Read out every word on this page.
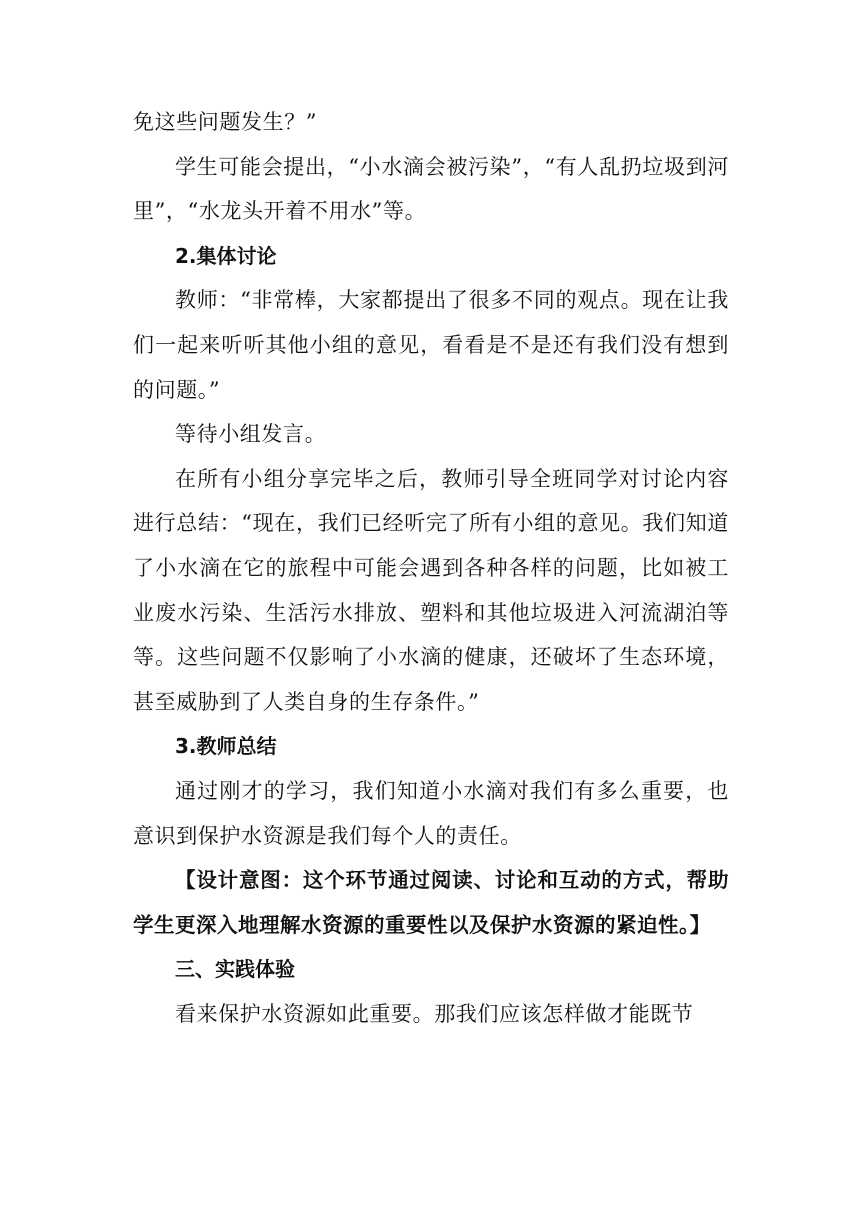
免这些问题发生？”

学生可能会提出，“小水滴会被污染”，“有人乱扔垃圾到河里”，“水龙头开着不用水”等。

2.集体讨论

教师：“非常棒，大家都提出了很多不同的观点。现在让我们一起来听听其他小组的意见，看看是不是还有我们没有想到的问题。”

等待小组发言。

在所有小组分享完毕之后，教师引导全班同学对讨论内容进行总结：“现在，我们已经听完了所有小组的意见。我们知道了小水滴在它的旅程中可能会遇到各种各样的问题，比如被工业废水污染、生活污水排放、塑料和其他垃圾进入河流湖泊等等。这些问题不仅影响了小水滴的健康，还破坏了生态环境，甚至威胁到了人类自身的生存条件。”

3.教师总结

通过刚才的学习，我们知道小水滴对我们有多么重要，也意识到保护水资源是我们每个人的责任。

【设计意图：这个环节通过阅读、讨论和互动的方式，帮助学生更深入地理解水资源的重要性以及保护水资源的紧迫性。】

三、实践体验

看来保护水资源如此重要。那我们应该怎样做才能既节
